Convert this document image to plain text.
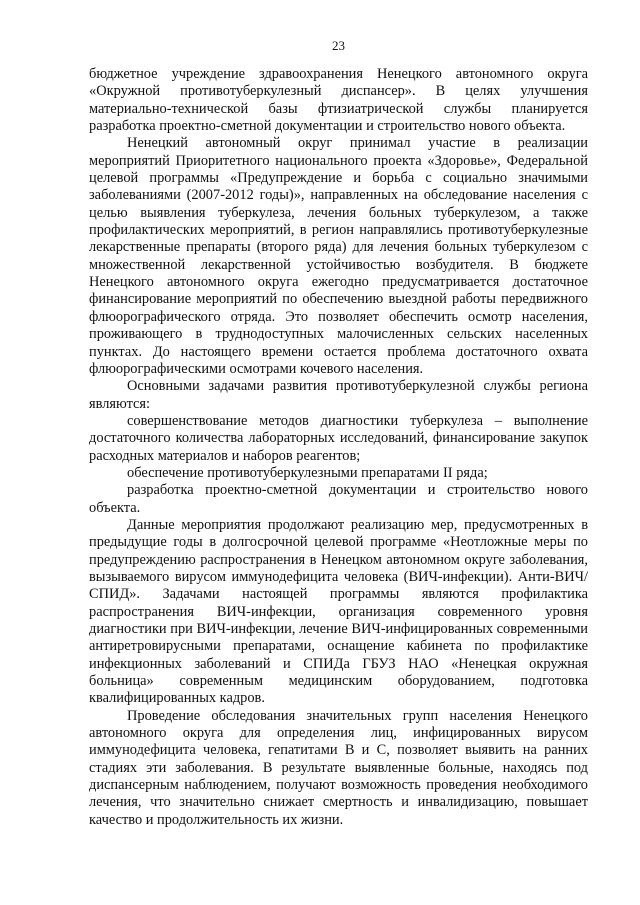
23

бюджетное учреждение здравоохранения Ненецкого автономного округа «Окружной противотуберкулезный диспансер». В целях улучшения материально-технической базы фтизиатрической службы планируется разработка проектно-сметной документации и строительство нового объекта.

Ненецкий автономный округ принимал участие в реализации мероприятий Приоритетного национального проекта «Здоровье», Федеральной целевой программы «Предупреждение и борьба с социально значимыми заболеваниями (2007-2012 годы)», направленных на обследование населения с целью выявления туберкулеза, лечения больных туберкулезом, а также профилактических мероприятий, в регион направлялись противотуберкулезные лекарственные препараты (второго ряда) для лечения больных туберкулезом с множественной лекарственной устойчивостью возбудителя. В бюджете Ненецкого автономного округа ежегодно предусматривается достаточное финансирование мероприятий по обеспечению выездной работы передвижного флюорографического отряда. Это позволяет обеспечить осмотр населения, проживающего в труднодоступных малочисленных сельских населенных пунктах. До настоящего времени остается проблема достаточного охвата флюорографическими осмотрами кочевого населения.

Основными задачами развития противотуберкулезной службы региона являются:

совершенствование методов диагностики туберкулеза – выполнение достаточного количества лабораторных исследований, финансирование закупок расходных материалов и наборов реагентов;

обеспечение противотуберкулезными препаратами II ряда;

разработка проектно-сметной документации и строительство нового объекта.

Данные мероприятия продолжают реализацию мер, предусмотренных в предыдущие годы в долгосрочной целевой программе «Неотложные меры по предупреждению распространения в Ненецком автономном округе заболевания, вызываемого вирусом иммунодефицита человека (ВИЧ-инфекции). Анти-ВИЧ/СПИД». Задачами настоящей программы являются профилактика распространения ВИЧ-инфекции, организация современного уровня диагностики при ВИЧ-инфекции, лечение ВИЧ-инфицированных современными антиретровирусными препаратами, оснащение кабинета по профилактике инфекционных заболеваний и СПИДа ГБУЗ НАО «Ненецкая окружная больница» современным медицинским оборудованием, подготовка квалифицированных кадров.

Проведение обследования значительных групп населения Ненецкого автономного округа для определения лиц, инфицированных вирусом иммунодефицита человека, гепатитами В и С, позволяет выявить на ранних стадиях эти заболевания. В результате выявленные больные, находясь под диспансерным наблюдением, получают возможность проведения необходимого лечения, что значительно снижает смертность и инвалидизацию, повышает качество и продолжительность их жизни.
